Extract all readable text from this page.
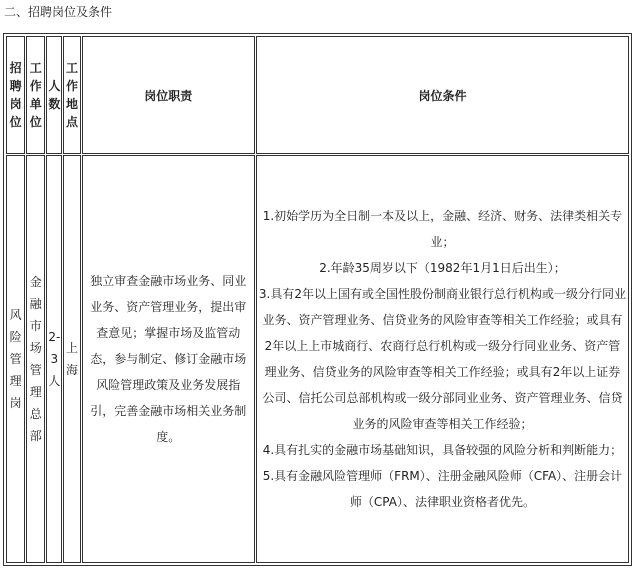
二、招聘岗位及条件
招聘岗位	工作单位	人数	工作地点	岗位职责	岗位条件
风险管理岗	金融市场管理总部	2-3人	上海	独立审查金融市场业务、同业业务、资产管理业务，提出审查意见；掌握市场及监管动态，参与制定、修订金融市场风险管理政策及业务发展指引，完善金融市场相关业务制度。	1.初始学历为全日制一本及以上，金融、经济、财务、法律类相关专业；
2.年龄35周岁以下（1982年1月1日后出生）；
3.具有2年以上国有或全国性股份制商业银行总行机构或一级分行同业业务、资产管理业务、信贷业务的风险审查等相关工作经验；或具有2年以上上市城商行、农商行总行机构或一级分行同业业务、资产管理业务、信贷业务的风险审查等相关工作经验；或具有2年以上证券公司、信托公司总部机构或一级分部同业业务、资产管理业务、信贷业务的风险审查等相关工作经验；
4.具有扎实的金融市场基础知识，具备较强的风险分析和判断能力；
5.具有金融风险管理师（FRM）、注册金融风险师（CFA）、注册会计师（CPA）、法律职业资格者优先。
